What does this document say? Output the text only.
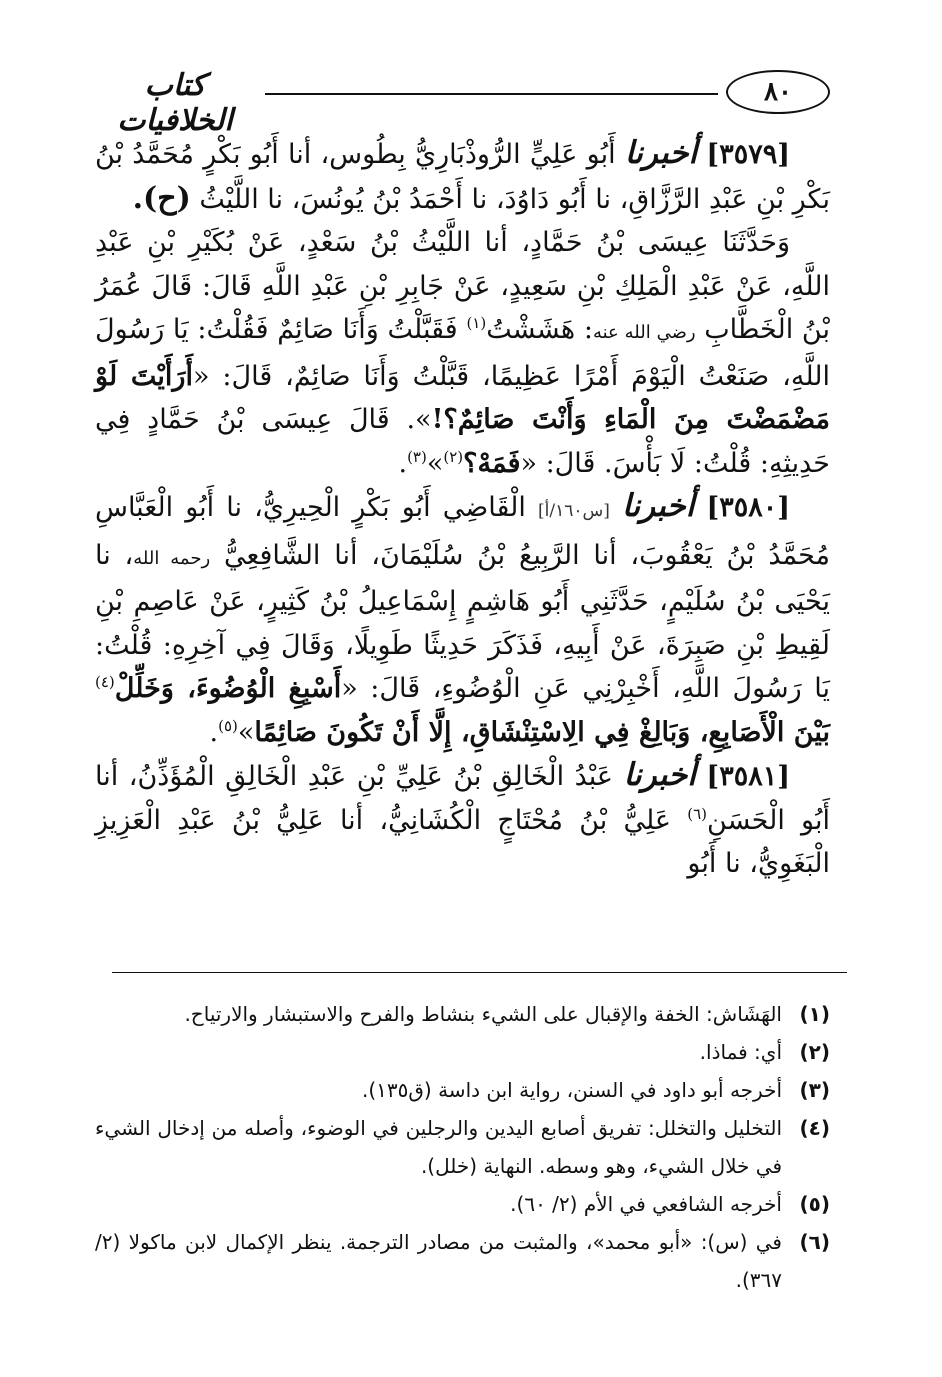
٨٠
كتاب الخلافيات

[٣٥٧٩] أخبرنا أَبُو عَلِيٍّ الرُّوذْبَارِيُّ بِطُوس، أنا أَبُو بَكْرٍ مُحَمَّدُ بْنُ بَكْرِ بْنِ عَبْدِ الرَّزَّاقِ، نا أَبُو دَاوُدَ، نا أَحْمَدُ بْنُ يُونُسَ، نا اللَّيْثُ (ح).

وَحَدَّثَنَا عِيسَى بْنُ حَمَّادٍ، أنا اللَّيْثُ بْنُ سَعْدٍ، عَنْ بُكَيْرِ بْنِ عَبْدِ اللَّهِ، عَنْ عَبْدِ الْمَلِكِ بْنِ سَعِيدٍ، عَنْ جَابِرِ بْنِ عَبْدِ اللَّهِ قَالَ: قَالَ عُمَرُ بْنُ الْخَطَّابِ رضي الله عنه: هَشَشْتُ$^{(١)}$ فَقَبَّلْتُ وَأَنَا صَائِمٌ فَقُلْتُ: يَا رَسُولَ اللَّهِ، صَنَعْتُ الْيَوْمَ أَمْرًا عَظِيمًا، قَبَّلْتُ وَأَنَا صَائِمٌ، قَالَ: «أَرَأَيْتَ لَوْ مَضْمَضْتَ مِنَ الْمَاءِ وَأَنْتَ صَائِمٌ؟!». قَالَ عِيسَى بْنُ حَمَّادٍ فِي حَدِيثِهِ: قُلْتُ: لَا بَأْسَ. قَالَ: «فَمَهْ؟$^{(٢)}$»$^{(٣)}$.

[٣٥٨٠] أخبرنا [س١٦٠/أ] الْقَاضِي أَبُو بَكْرٍ الْحِيرِيُّ، نا أَبُو الْعَبَّاسِ مُحَمَّدُ بْنُ يَعْقُوبَ، أنا الرَّبِيعُ بْنُ سُلَيْمَانَ، أنا الشَّافِعِيُّ رحمه الله، نا يَحْيَى بْنُ سُلَيْمٍ، حَدَّثَنِي أَبُو هَاشِمٍ إِسْمَاعِيلُ بْنُ كَثِيرٍ، عَنْ عَاصِمِ بْنِ لَقِيطِ بْنِ صَبِرَةَ، عَنْ أَبِيهِ، فَذَكَرَ حَدِيثًا طَوِيلًا، وَقَالَ فِي آخِرِهِ: قُلْتُ: يَا رَسُولَ اللَّهِ، أَخْبِرْنِي عَنِ الْوُضُوءِ، قَالَ: «أَسْبِغِ الْوُضُوءَ، وَخَلِّلْ$^{(٤)}$ بَيْنَ الْأَصَابِعِ، وَبَالِغْ فِي الِاسْتِنْشَاقِ، إِلَّا أَنْ تَكُونَ صَائِمًا»$^{(٥)}$.

[٣٥٨١] أخبرنا عَبْدُ الْخَالِقِ بْنُ عَلِيِّ بْنِ عَبْدِ الْخَالِقِ الْمُؤَذِّنُ، أنا أَبُو الْحَسَنِ$^{(٦)}$ عَلِيُّ بْنُ مُحْتَاجٍ الْكُشَانِيُّ، أنا عَلِيُّ بْنُ عَبْدِ الْعَزِيزِ الْبَغَوِيُّ، نا أَبُو

(١)
الهَشَاش: الخفة والإقبال على الشيء بنشاط والفرح والاستبشار والارتياح.
(٢)
أي: فماذا.
(٣)
أخرجه أبو داود في السنن، رواية ابن داسة (ق١٣٥).
(٤)
التخليل والتخلل: تفريق أصابع اليدين والرجلين في الوضوء، وأصله من إدخال الشيء في خلال الشيء، وهو وسطه. النهاية (خلل).
(٥)
أخرجه الشافعي في الأم (٢/ ٦٠).
(٦)
في (س): «أبو محمد»، والمثبت من مصادر الترجمة. ينظر الإكمال لابن ماكولا (٢/ ٣٦٧).
